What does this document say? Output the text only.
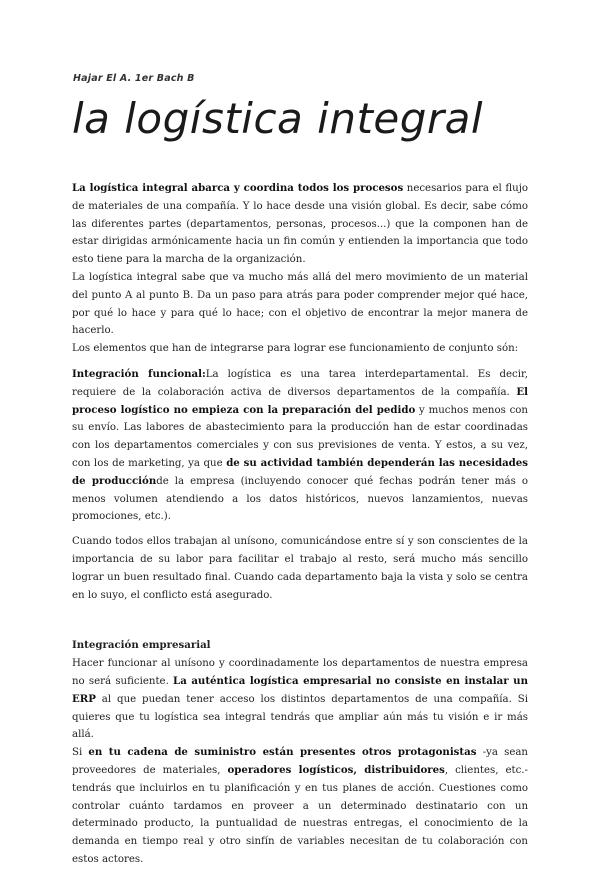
Hajar El A. 1er Bach B
la logística integral

La logística integral abarca y coordina todos los procesos necesarios para el flujo de materiales de una compañía. Y lo hace desde una visión global. Es decir, sabe cómo las diferentes partes (departamentos, personas, procesos...) que la componen han de estar dirigidas armónicamente hacia un fin común y entienden la importancia que todo esto tiene para la marcha de la organización.

La logística integral sabe que va mucho más allá del mero movimiento de un material del punto A al punto B. Da un paso para atrás para poder comprender mejor qué hace, por qué lo hace y para qué lo hace; con el objetivo de encontrar la mejor manera de hacerlo.

Los elementos que han de integrarse para lograr ese funcionamiento de conjunto són:

Integración funcional:La logística es una tarea interdepartamental. Es decir, requiere de la colaboración activa de diversos departamentos de la compañía. El proceso logístico no empieza con la preparación del pedido y muchos menos con su envío. Las labores de abastecimiento para la producción han de estar coordinadas con los departamentos comerciales y con sus previsiones de venta. Y estos, a su vez, con los de marketing, ya que de su actividad también dependerán las necesidades de producciónde la empresa (incluyendo conocer qué fechas podrán tener más o menos volumen atendiendo a los datos históricos, nuevos lanzamientos, nuevas promociones, etc.).

Cuando todos ellos trabajan al unísono, comunicándose entre sí y son conscientes de la importancia de su labor para facilitar el trabajo al resto, será mucho más sencillo lograr un buen resultado final. Cuando cada departamento baja la vista y solo se centra en lo suyo, el conflicto está asegurado.

Integración empresarial

Hacer funcionar al unísono y coordinadamente los departamentos de nuestra empresa no será suficiente. La auténtica logística empresarial no consiste en instalar un ERP al que puedan tener acceso los distintos departamentos de una compañía. Si quieres que tu logística sea integral tendrás que ampliar aún más tu visión e ir más allá.

Si en tu cadena de suministro están presentes otros protagonistas -ya sean proveedores de materiales, operadores logísticos, distribuidores, clientes, etc.- tendrás que incluirlos en tu planificación y en tus planes de acción. Cuestiones como controlar cuánto tardamos en proveer a un determinado destinatario con un determinado producto, la puntualidad de nuestras entregas, el conocimiento de la demanda en tiempo real y otro sinfín de variables necesitan de tu colaboración con estos actores.
